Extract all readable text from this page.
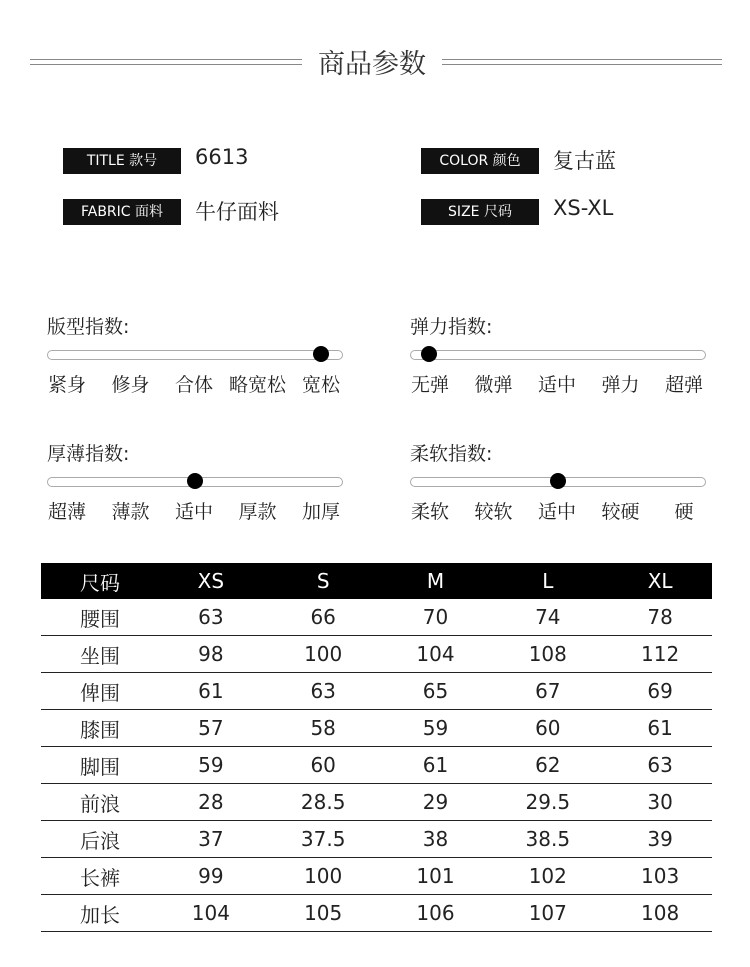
商品参数
TITLE 款号	6613	COLOR 颜色	复古蓝
FABRIC 面料	牛仔面料	SIZE 尺码	XS-XL
版型指数:
紧身 修身 合体 略宽松 宽松
弹力指数:
无弹 微弹 适中 弹力 超弹
厚薄指数:
超薄 薄款 适中 厚款 加厚
柔软指数:
柔软 较软 适中 较硬 硬
尺码	XS	S	M	L	XL
腰围	63	66	70	74	78
坐围	98	100	104	108	112
俾围	61	63	65	67	69
膝围	57	58	59	60	61
脚围	59	60	61	62	63
前浪	28	28.5	29	29.5	30
后浪	37	37.5	38	38.5	39
长裤	99	100	101	102	103
加长	104	105	106	107	108
